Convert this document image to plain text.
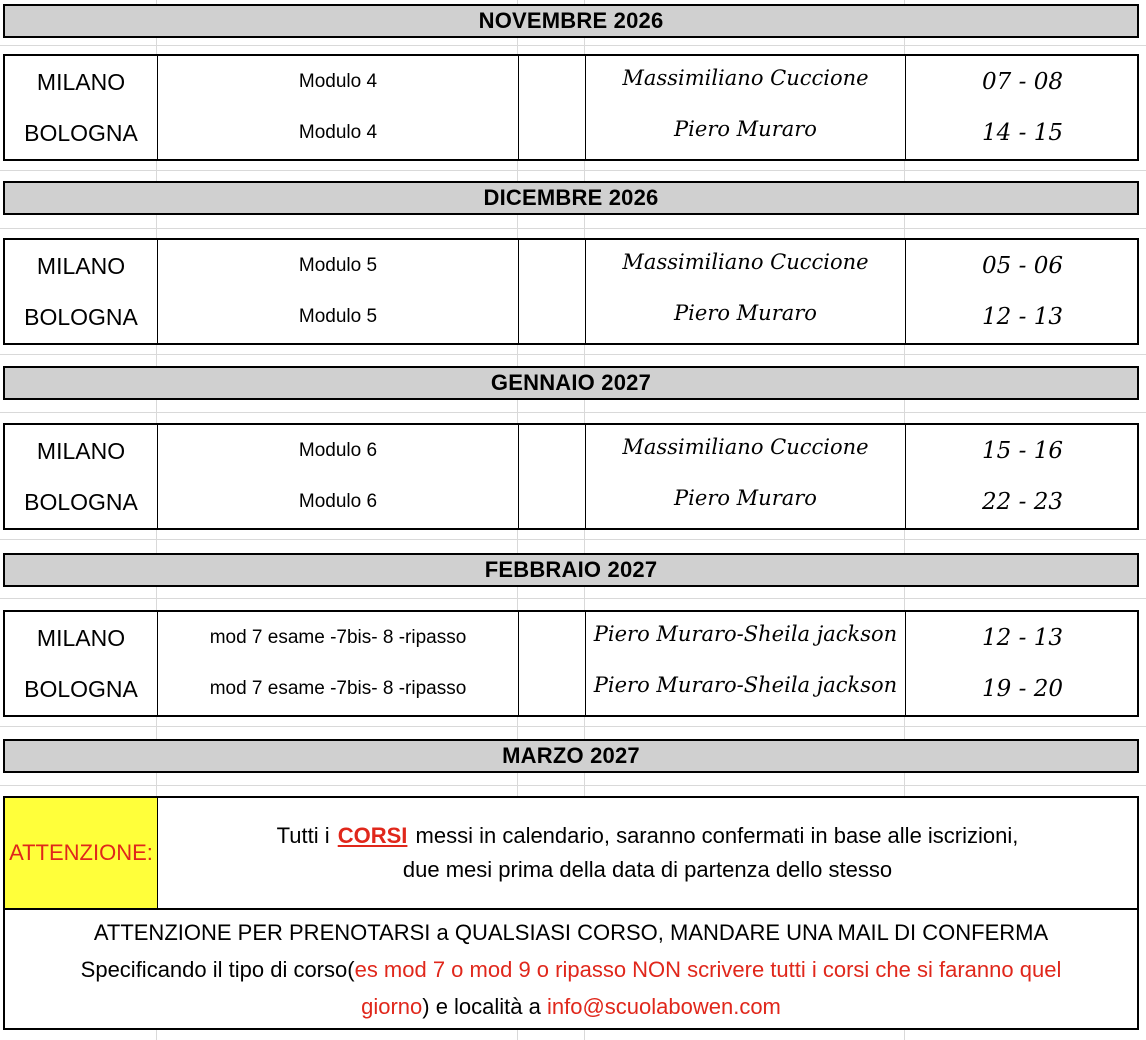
NOVEMBRE 2026
MILANO	Modulo 4	Massimiliano Cuccione	07 - 08
BOLOGNA	Modulo 4	Piero Muraro	14 - 15
DICEMBRE 2026
MILANO	Modulo 5	Massimiliano Cuccione	05 - 06
BOLOGNA	Modulo 5	Piero Muraro	12 - 13
GENNAIO 2027
MILANO	Modulo 6	Massimiliano Cuccione	15 - 16
BOLOGNA	Modulo 6	Piero Muraro	22 - 23
FEBBRAIO 2027
MILANO	mod 7 esame -7bis- 8 -ripasso	Piero Muraro-Sheila jackson	12 - 13
BOLOGNA	mod 7 esame -7bis- 8 -ripasso	Piero Muraro-Sheila jackson	19 - 20
MARZO 2027
ATTENZIONE:
Tutti i CORSI messi in calendario, saranno confermati in base alle iscrizioni,
due mesi prima della data di partenza dello stesso
ATTENZIONE PER PRENOTARSI a QUALSIASI CORSO, MANDARE UNA MAIL DI CONFERMA
Specificando il tipo di corso(es mod 7 o mod 9 o ripasso NON scrivere tutti i corsi che si faranno quel
giorno) e località a info@scuolabowen.com
